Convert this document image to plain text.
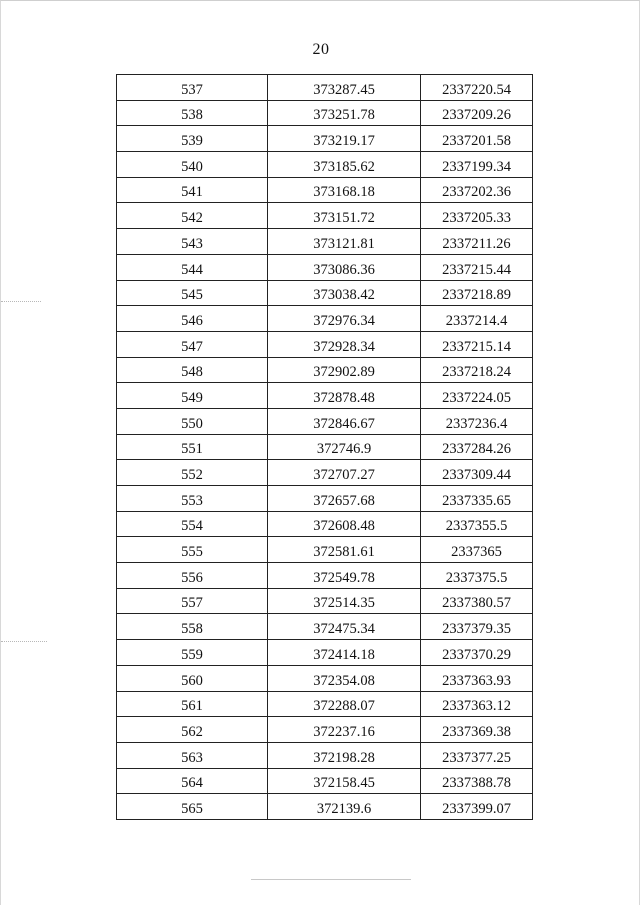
20
537	373287.45	2337220.54
538	373251.78	2337209.26
539	373219.17	2337201.58
540	373185.62	2337199.34
541	373168.18	2337202.36
542	373151.72	2337205.33
543	373121.81	2337211.26
544	373086.36	2337215.44
545	373038.42	2337218.89
546	372976.34	2337214.4
547	372928.34	2337215.14
548	372902.89	2337218.24
549	372878.48	2337224.05
550	372846.67	2337236.4
551	372746.9	2337284.26
552	372707.27	2337309.44
553	372657.68	2337335.65
554	372608.48	2337355.5
555	372581.61	2337365
556	372549.78	2337375.5
557	372514.35	2337380.57
558	372475.34	2337379.35
559	372414.18	2337370.29
560	372354.08	2337363.93
561	372288.07	2337363.12
562	372237.16	2337369.38
563	372198.28	2337377.25
564	372158.45	2337388.78
565	372139.6	2337399.07
